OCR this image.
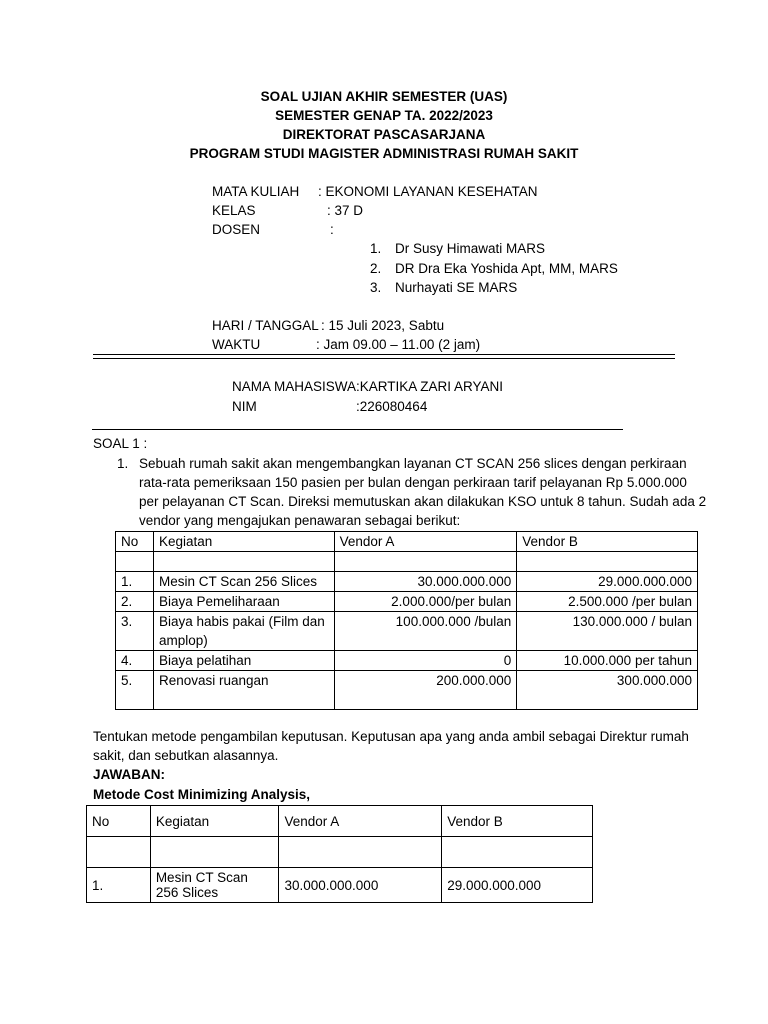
SOAL UJIAN AKHIR SEMESTER (UAS)
SEMESTER GENAP TA. 2022/2023
DIREKTORAT PASCASARJANA
PROGRAM STUDI MAGISTER ADMINISTRASI RUMAH SAKIT
MATA KULIAH : EKONOMI LAYANAN KESEHATAN
KELAS	: 37 D
DOSEN	:
1. Dr Susy Himawati MARS
2. DR Dra Eka Yoshida Apt, MM, MARS
3. Nurhayati SE MARS
HARI / TANGGAL : 15 Juli 2023, Sabtu
WAKTU	: Jam 09.00 – 11.00 (2 jam)
NAMA MAHASISWA :KARTIKA ZARI ARYANI
NIM	:226080464
SOAL 1 :
1. Sebuah rumah sakit akan mengembangkan layanan CT SCAN 256 slices dengan perkiraan
rata-rata pemeriksaan 150 pasien per bulan dengan perkiraan tarif pelayanan Rp 5.000.000
per pelayanan CT Scan. Direksi memutuskan akan dilakukan KSO untuk 8 tahun. Sudah ada 2
vendor yang mengajukan penawaran sebagai berikut:
No	Kegiatan	Vendor A	Vendor B

1.	Mesin CT Scan 256 Slices	30.000.000.000	29.000.000.000
2.	Biaya Pemeliharaan	2.000.000/per bulan	2.500.000 /per bulan
3.	Biaya habis pakai (Film dan amplop)	100.000.000 /bulan	130.000.000 / bulan
4.	Biaya pelatihan	0	10.000.000 per tahun
5.	Renovasi ruangan	200.000.000	300.000.000
Tentukan metode pengambilan keputusan. Keputusan apa yang anda ambil sebagai Direktur rumah
sakit, dan sebutkan alasannya.
JAWABAN:
Metode Cost Minimizing Analysis,
No	Kegiatan	Vendor A	Vendor B

1.	Mesin CT Scan 256 Slices	30.000.000.000	29.000.000.000
